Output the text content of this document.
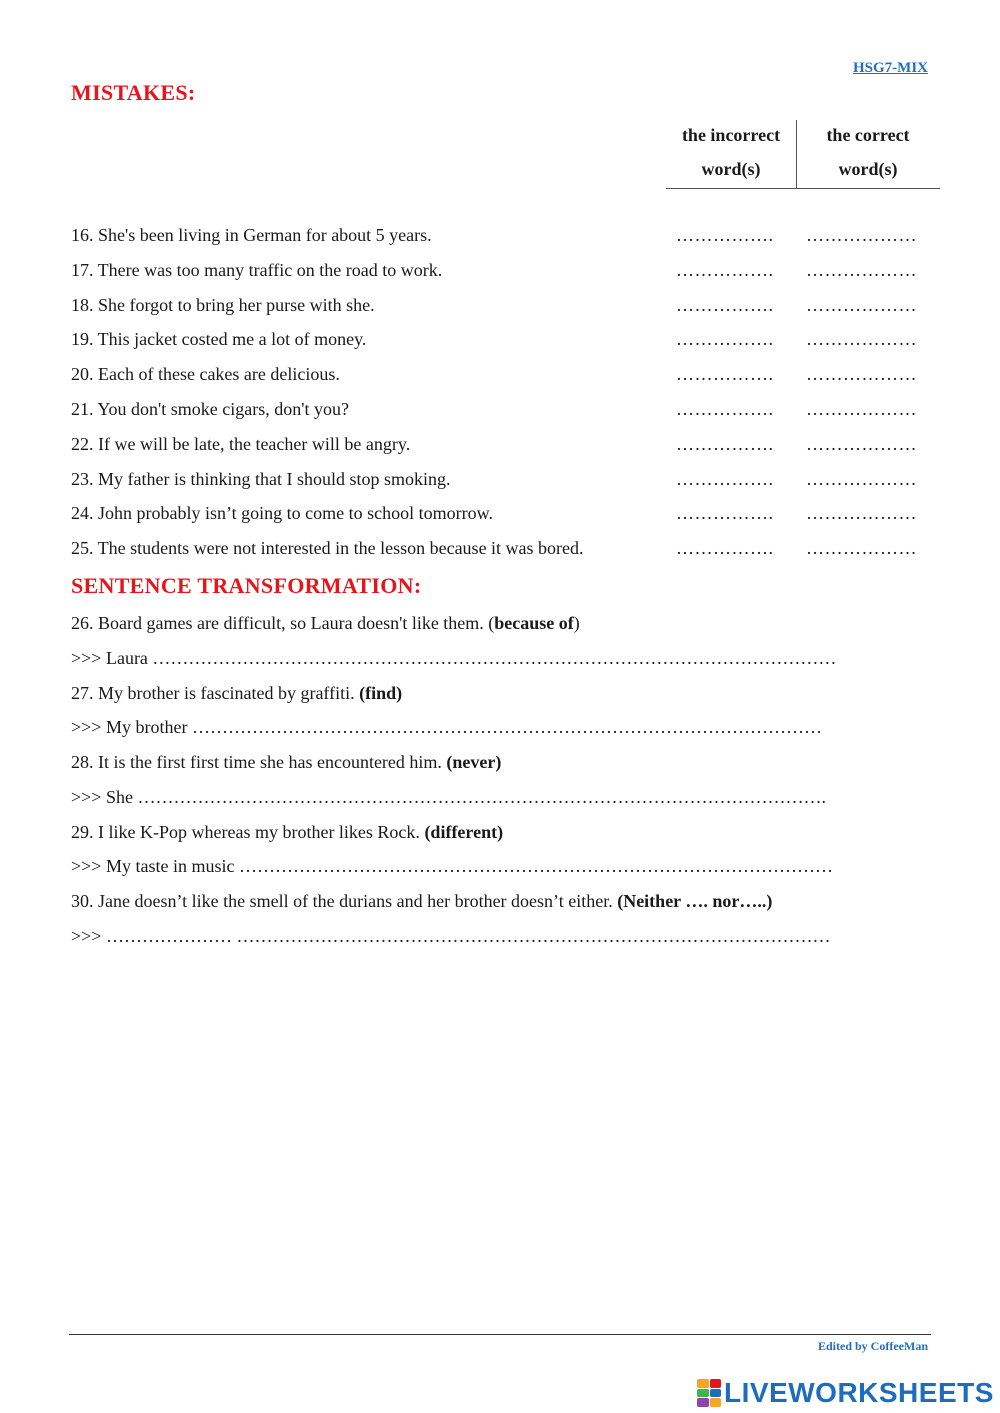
HSG7-MIX
MISTAKES:
the incorrect
word(s)
the correct
word(s)
16. She's been living in German for about 5 years.	……………. ………………
17. There was too many traffic on the road to work.	……………. ………………
18. She forgot to bring her purse with she.	……………. ………………
19. This jacket costed me a lot of money.	……………. ………………
20. Each of these cakes are delicious.	……………. ………………
21. You don't smoke cigars, don't you?	……………. ………………
22. If we will be late, the teacher will be angry.	……………. ………………
23. My father is thinking that I should stop smoking.	……………. ………………
24. John probably isn’t going to come to school tomorrow.	……………. ………………
25. The students were not interested in the lesson because it was bored.	……………. ………………
SENTENCE TRANSFORMATION:
26. Board games are difficult, so Laura doesn't like them. (because of)
>>> Laura ……………………………………………………………………………………………………
27. My brother is fascinated by graffiti. (find)
>>> My brother ……………………………………………………………………………………………
28. It is the first first time she has encountered him. (never)
>>> She …………………………………………………………………………………………………….
29. I like K-Pop whereas my brother likes Rock. (different)
>>> My taste in music ………………………………………………………………………………………
30. Jane doesn’t like the smell of the durians and her brother doesn’t either. (Neither …. nor…..)
>>> ………………… ………………………………………………………………………………………
Edited by CoffeeMan
LIVEWORKSHEETS
